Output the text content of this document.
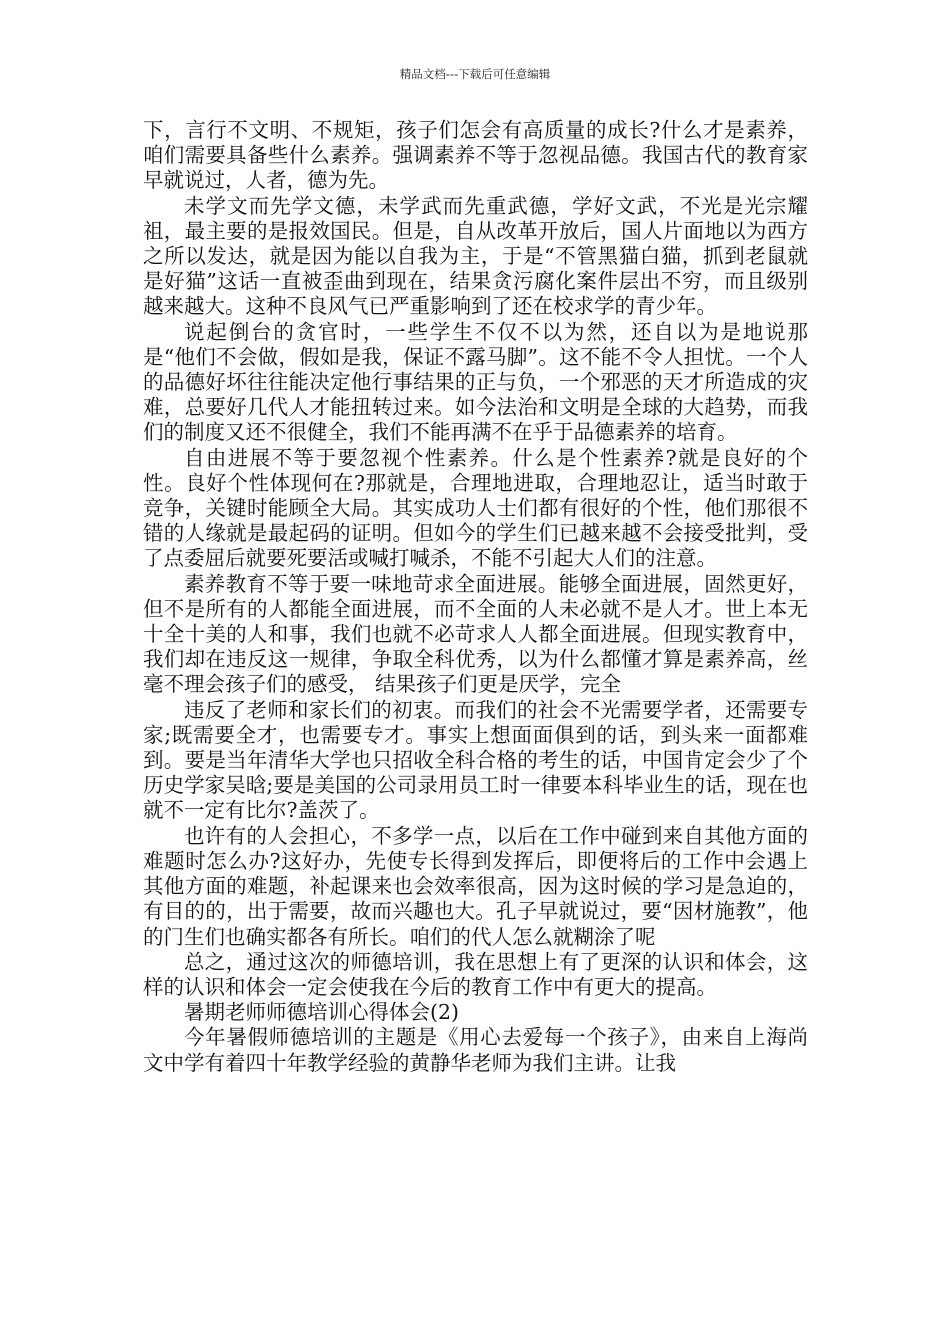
精品文档---下载后可任意编辑

下，言行不文明、不规矩，孩子们怎会有高质量的成长?什么才是素养，咱们需要具备些什么素养。强调素养不等于忽视品德。我国古代的教育家早就说过，人者，德为先。

未学文而先学文德，未学武而先重武德，学好文武，不光是光宗耀祖，最主要的是报效国民。但是，自从改革开放后，国人片面地以为西方之所以发达，就是因为能以自我为主，于是“不管黑猫白猫，抓到老鼠就是好猫”这话一直被歪曲到现在，结果贪污腐化案件层出不穷，而且级别越来越大。这种不良风气已严重影响到了还在校求学的青少年。

说起倒台的贪官时，一些学生不仅不以为然，还自以为是地说那是“他们不会做，假如是我，保证不露马脚”。这不能不令人担忧。一个人的品德好坏往往能决定他行事结果的正与负，一个邪恶的天才所造成的灾难，总要好几代人才能扭转过来。如今法治和文明是全球的大趋势，而我们的制度又还不很健全，我们不能再满不在乎于品德素养的培育。

自由进展不等于要忽视个性素养。什么是个性素养?就是良好的个性。良好个性体现何在?那就是，合理地进取，合理地忍让，适当时敢于竞争，关键时能顾全大局。其实成功人士们都有很好的个性，他们那很不错的人缘就是最起码的证明。但如今的学生们已越来越不会接受批判，受了点委屈后就要死要活或喊打喊杀，不能不引起大人们的注意。

素养教育不等于要一味地苛求全面进展。能够全面进展，固然更好，但不是所有的人都能全面进展，而不全面的人未必就不是人才。世上本无十全十美的人和事，我们也就不必苛求人人都全面进展。但现实教育中，我们却在违反这一规律，争取全科优秀，以为什么都懂才算是素养高，丝毫不理会孩子们的感受， 结果孩子们更是厌学，完全

违反了老师和家长们的初衷。而我们的社会不光需要学者，还需要专家;既需要全才，也需要专才。事实上想面面俱到的话，到头来一面都难到。要是当年清华大学也只招收全科合格的考生的话，中国肯定会少了个历史学家吴晗;要是美国的公司录用员工时一律要本科毕业生的话，现在也就不一定有比尔?盖茨了。

也许有的人会担心，不多学一点，以后在工作中碰到来自其他方面的难题时怎么办?这好办，先使专长得到发挥后，即便将后的工作中会遇上其他方面的难题，补起课来也会效率很高，因为这时候的学习是急迫的，有目的的，出于需要，故而兴趣也大。孔子早就说过，要“因材施教”，他的门生们也确实都各有所长。咱们的代人怎么就糊涂了呢

总之，通过这次的师德培训，我在思想上有了更深的认识和体会，这样的认识和体会一定会使我在今后的教育工作中有更大的提高。

暑期老师师德培训心得体会(2)

今年暑假师德培训的主题是《用心去爱每一个孩子》，由来自上海尚文中学有着四十年教学经验的黄静华老师为我们主讲。让我
